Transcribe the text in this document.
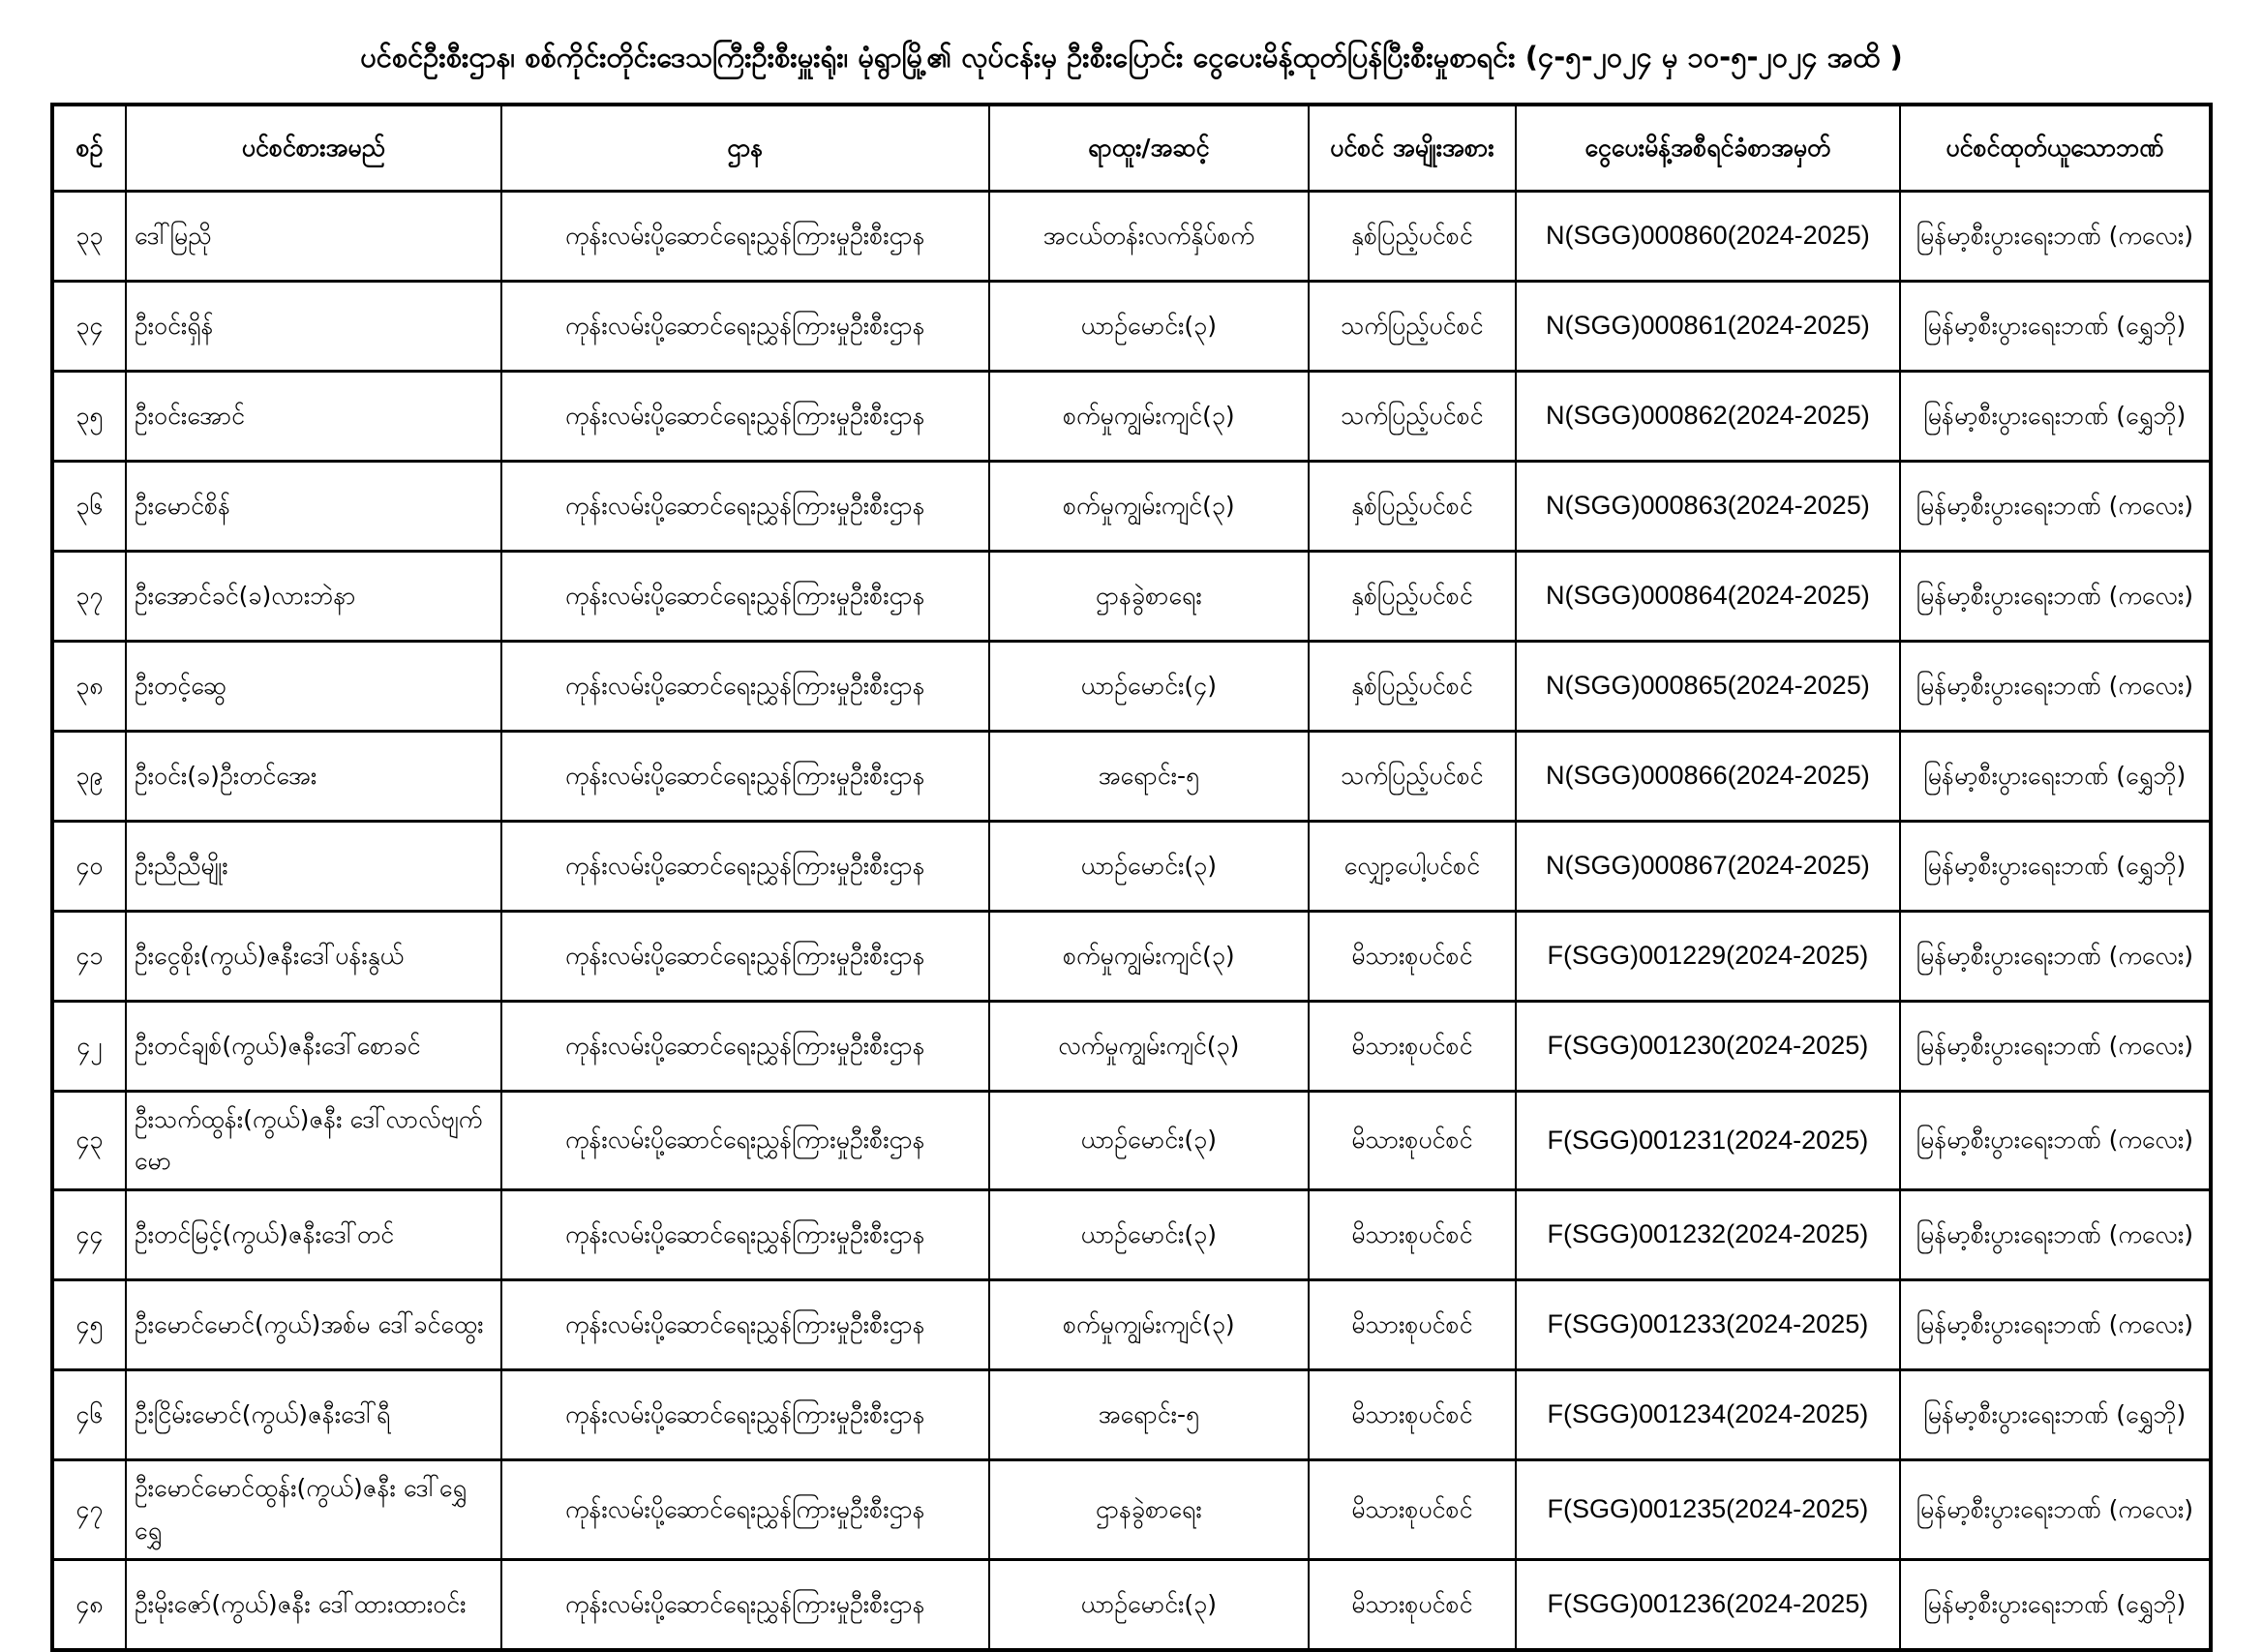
ပင်စင်ဦးစီးဌာန၊ စစ်ကိုင်းတိုင်းဒေသကြီးဦးစီးမှူးရုံး၊ မုံရွာမြို့၏ လုပ်ငန်းမှ ဦးစီးပြောင်း ငွေပေးမိန့်ထုတ်ပြန်ပြီးစီးမှုစာရင်း (၄-၅-၂၀၂၄ မှ ၁၀-၅-၂၀၂၄ အထိ )
စဉ်	ပင်စင်စားအမည်	ဌာန	ရာထူး/အဆင့်	ပင်စင် အမျိုးအစား	ငွေပေးမိန့်အစီရင်ခံစာအမှတ်	ပင်စင်ထုတ်ယူသောဘဏ်
၃၃	ဒေါ်မြညို	ကုန်းလမ်းပို့ဆောင်ရေးညွှန်ကြားမှုဦးစီးဌာန	အငယ်တန်းလက်နှိပ်စက်	နှစ်ပြည့်ပင်စင်	N(SGG)000860(2024-2025)	မြန်မာ့စီးပွားရေးဘဏ် (ကလေး)
၃၄	ဦးဝင်းရှိန်	ကုန်းလမ်းပို့ဆောင်ရေးညွှန်ကြားမှုဦးစီးဌာန	ယာဉ်မောင်း(၃)	သက်ပြည့်ပင်စင်	N(SGG)000861(2024-2025)	မြန်မာ့စီးပွားရေးဘဏ် (ရွှေဘို)
၃၅	ဦးဝင်းအောင်	ကုန်းလမ်းပို့ဆောင်ရေးညွှန်ကြားမှုဦးစီးဌာန	စက်မှုကျွမ်းကျင်(၃)	သက်ပြည့်ပင်စင်	N(SGG)000862(2024-2025)	မြန်မာ့စီးပွားရေးဘဏ် (ရွှေဘို)
၃၆	ဦးမောင်စိန်	ကုန်းလမ်းပို့ဆောင်ရေးညွှန်ကြားမှုဦးစီးဌာန	စက်မှုကျွမ်းကျင်(၃)	နှစ်ပြည့်ပင်စင်	N(SGG)000863(2024-2025)	မြန်မာ့စီးပွားရေးဘဏ် (ကလေး)
၃၇	ဦးအောင်ခင်(ခ)လားဘဲနာ	ကုန်းလမ်းပို့ဆောင်ရေးညွှန်ကြားမှုဦးစီးဌာန	ဌာနခွဲစာရေး	နှစ်ပြည့်ပင်စင်	N(SGG)000864(2024-2025)	မြန်မာ့စီးပွားရေးဘဏ် (ကလေး)
၃၈	ဦးတင့်ဆွေ	ကုန်းလမ်းပို့ဆောင်ရေးညွှန်ကြားမှုဦးစီးဌာန	ယာဉ်မောင်း(၄)	နှစ်ပြည့်ပင်စင်	N(SGG)000865(2024-2025)	မြန်မာ့စီးပွားရေးဘဏ် (ကလေး)
၃၉	ဦးဝင်း(ခ)ဦးတင်အေး	ကုန်းလမ်းပို့ဆောင်ရေးညွှန်ကြားမှုဦးစီးဌာန	အရောင်း-၅	သက်ပြည့်ပင်စင်	N(SGG)000866(2024-2025)	မြန်မာ့စီးပွားရေးဘဏ် (ရွှေဘို)
၄၀	ဦးညီညီမျိုး	ကုန်းလမ်းပို့ဆောင်ရေးညွှန်ကြားမှုဦးစီးဌာန	ယာဉ်မောင်း(၃)	လျှော့ပေါ့ပင်စင်	N(SGG)000867(2024-2025)	မြန်မာ့စီးပွားရေးဘဏ် (ရွှေဘို)
၄၁	ဦးငွေစိုး(ကွယ်)ဇနီးဒေါ်ပန်းနွယ်	ကုန်းလမ်းပို့ဆောင်ရေးညွှန်ကြားမှုဦးစီးဌာန	စက်မှုကျွမ်းကျင်(၃)	မိသားစုပင်စင်	F(SGG)001229(2024-2025)	မြန်မာ့စီးပွားရေးဘဏ် (ကလေး)
၄၂	ဦးတင်ချစ်(ကွယ်)ဇနီးဒေါ်စောခင်	ကုန်းလမ်းပို့ဆောင်ရေးညွှန်ကြားမှုဦးစီးဌာန	လက်မှုကျွမ်းကျင်(၃)	မိသားစုပင်စင်	F(SGG)001230(2024-2025)	မြန်မာ့စီးပွားရေးဘဏ် (ကလေး)
၄၃	ဦးသက်ထွန်း(ကွယ်)ဇနီး ဒေါ်လာလ်ဗျက်မော	ကုန်းလမ်းပို့ဆောင်ရေးညွှန်ကြားမှုဦးစီးဌာန	ယာဉ်မောင်း(၃)	မိသားစုပင်စင်	F(SGG)001231(2024-2025)	မြန်မာ့စီးပွားရေးဘဏ် (ကလေး)
၄၄	ဦးတင်မြင့်(ကွယ်)ဇနီးဒေါ်တင်	ကုန်းလမ်းပို့ဆောင်ရေးညွှန်ကြားမှုဦးစီးဌာန	ယာဉ်မောင်း(၃)	မိသားစုပင်စင်	F(SGG)001232(2024-2025)	မြန်မာ့စီးပွားရေးဘဏ် (ကလေး)
၄၅	ဦးမောင်မောင်(ကွယ်)အစ်မ ဒေါ်ခင်ထွေး	ကုန်းလမ်းပို့ဆောင်ရေးညွှန်ကြားမှုဦးစီးဌာန	စက်မှုကျွမ်းကျင်(၃)	မိသားစုပင်စင်	F(SGG)001233(2024-2025)	မြန်မာ့စီးပွားရေးဘဏ် (ကလေး)
၄၆	ဦးငြိမ်းမောင်(ကွယ်)ဇနီးဒေါ်ရီ	ကုန်းလမ်းပို့ဆောင်ရေးညွှန်ကြားမှုဦးစီးဌာန	အရောင်း-၅	မိသားစုပင်စင်	F(SGG)001234(2024-2025)	မြန်မာ့စီးပွားရေးဘဏ် (ရွှေဘို)
၄၇	ဦးမောင်မောင်ထွန်း(ကွယ်)ဇနီး ဒေါ်ရွှေရွှေ	ကုန်းလမ်းပို့ဆောင်ရေးညွှန်ကြားမှုဦးစီးဌာန	ဌာနခွဲစာရေး	မိသားစုပင်စင်	F(SGG)001235(2024-2025)	မြန်မာ့စီးပွားရေးဘဏ် (ကလေး)
၄၈	ဦးမိုးဇော်(ကွယ်)ဇနီး ဒေါ်ထားထားဝင်း	ကုန်းလမ်းပို့ဆောင်ရေးညွှန်ကြားမှုဦးစီးဌာန	ယာဉ်မောင်း(၃)	မိသားစုပင်စင်	F(SGG)001236(2024-2025)	မြန်မာ့စီးပွားရေးဘဏ် (ရွှေဘို)
